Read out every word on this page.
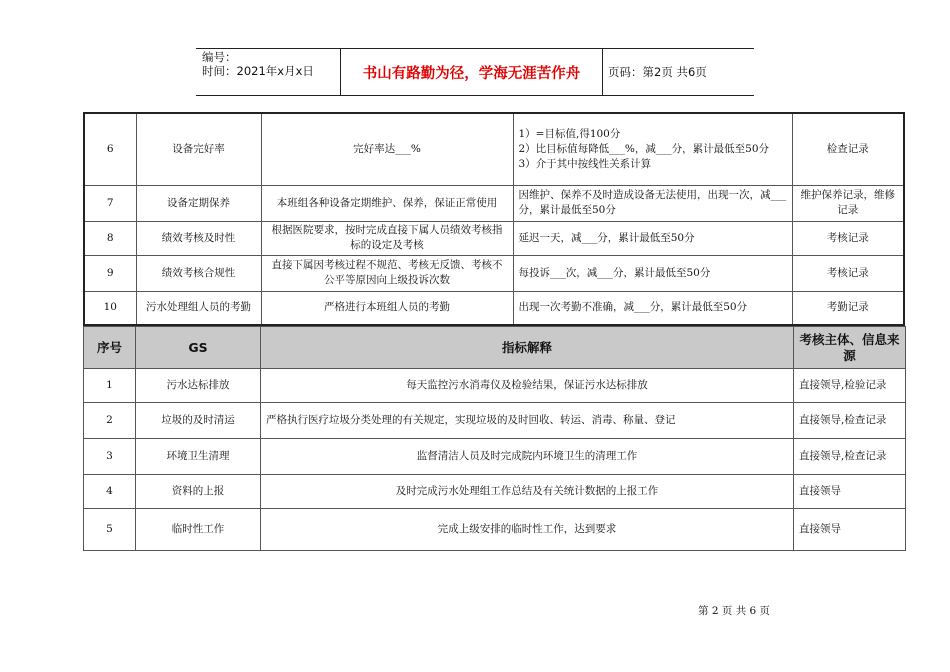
编号：
时间：2021年x月x日	书山有路勤为径，学海无涯苦作舟	页码：第2页 共6页
6	设备完好率	完好率达___%	1）=目标值,得100分
2）比目标值每降低___%，减___分，累计最低至50分
3）介于其中按线性关系计算	检查记录
7	设备定期保养	本班组各种设备定期维护、保养，保证正常使用	因维护、保养不及时造成设备无法使用，出现一次，减___分，累计最低至50分	维护保养记录，维修记录
8	绩效考核及时性	根据医院要求，按时完成直接下属人员绩效考核指标的设定及考核	延迟一天，减___分，累计最低至50分	考核记录
9	绩效考核合规性	直接下属因考核过程不规范、考核无反馈、考核不公平等原因向上级投诉次数	每投诉___次，减___分，累计最低至50分	考核记录
10	污水处理组人员的考勤	严格进行本班组人员的考勤	出现一次考勤不准确，减___分，累计最低至50分	考勤记录
序号	GS	指标解释	考核主体、信息来源
1	污水达标排放	每天监控污水消毒仪及检验结果，保证污水达标排放	直接领导,检验记录
2	垃圾的及时清运	严格执行医疗垃圾分类处理的有关规定，实现垃圾的及时回收、转运、消毒、称量、登记	直接领导,检查记录
3	环境卫生清理	监督清洁人员及时完成院内环境卫生的清理工作	直接领导,检查记录
4	资料的上报	及时完成污水处理组工作总结及有关统计数据的上报工作	直接领导
5	临时性工作	完成上级安排的临时性工作，达到要求	直接领导
第 2 页 共 6 页
